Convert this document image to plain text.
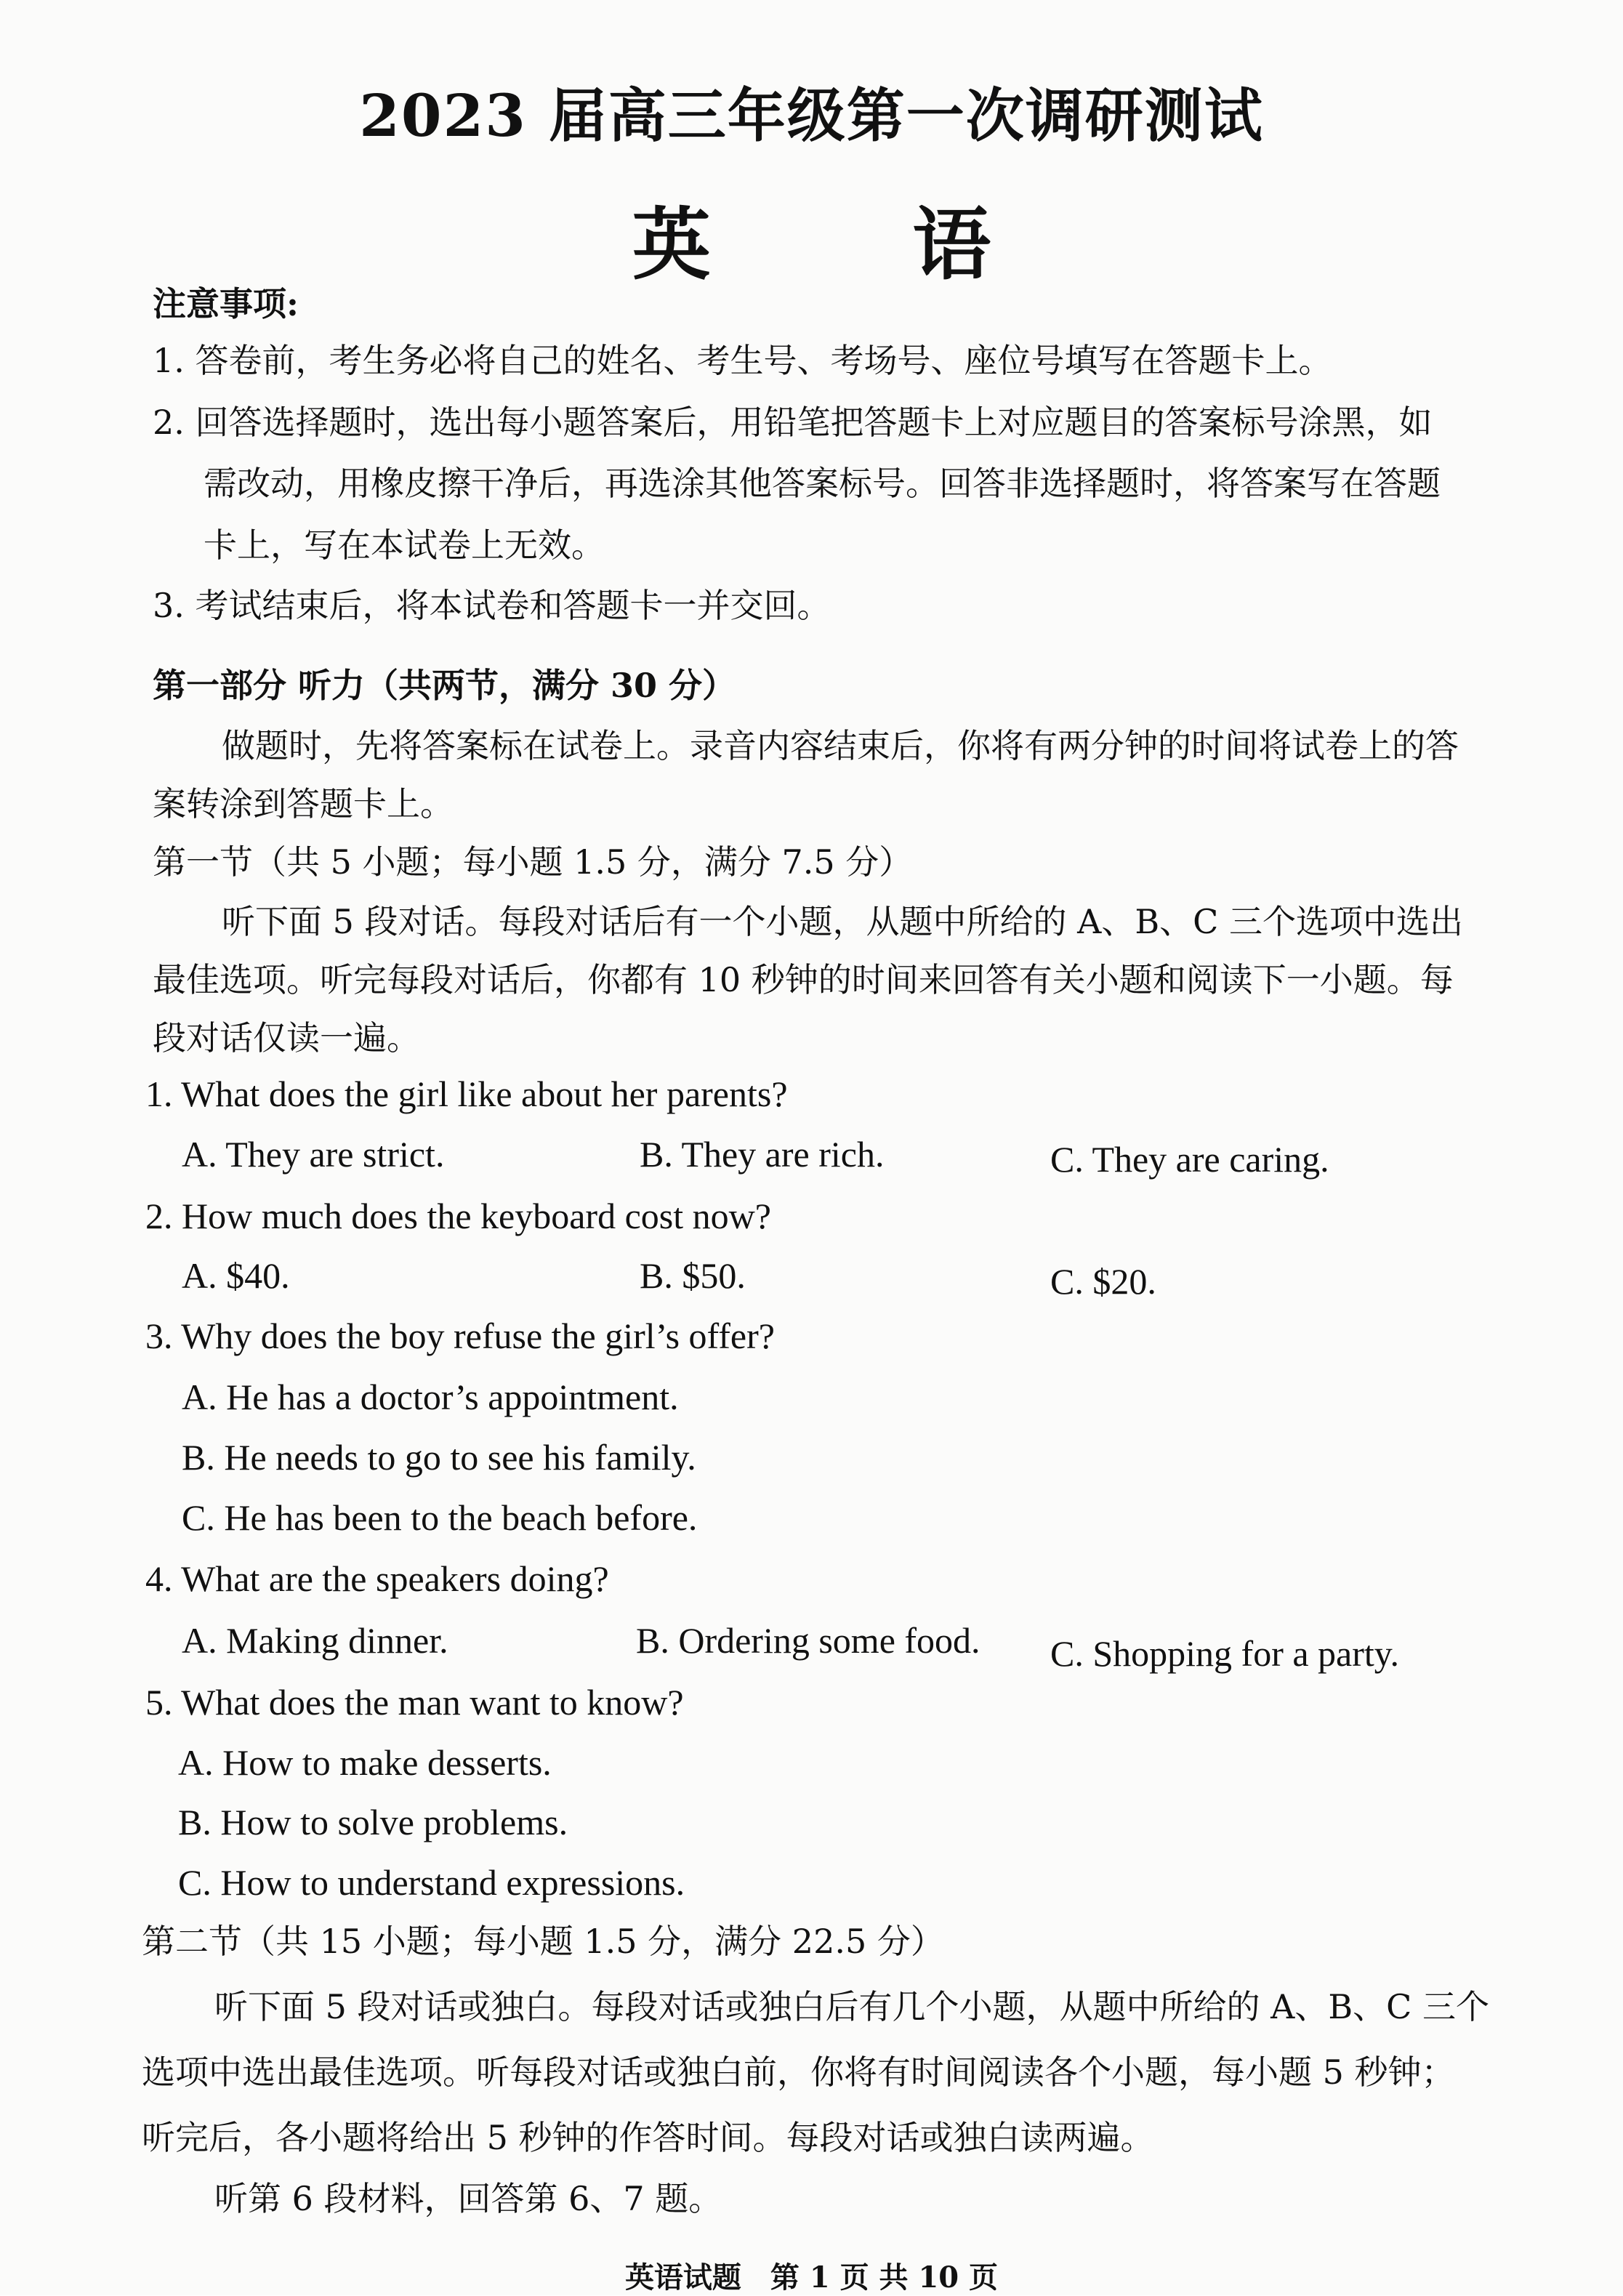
2023 届高三年级第一次调研测试
英 语
注意事项:
1. 答卷前，考生务必将自己的姓名、考生号、考场号、座位号填写在答题卡上。
2. 回答选择题时，选出每小题答案后，用铅笔把答题卡上对应题目的答案标号涂黑，如
需改动，用橡皮擦干净后，再选涂其他答案标号。回答非选择题时，将答案写在答题
卡上，写在本试卷上无效。
3. 考试结束后，将本试卷和答题卡一并交回。
第一部分 听力（共两节，满分 30 分）
做题时，先将答案标在试卷上。录音内容结束后，你将有两分钟的时间将试卷上的答
案转涂到答题卡上。
第一节（共 5 小题；每小题 1.5 分，满分 7.5 分）
听下面 5 段对话。每段对话后有一个小题，从题中所给的 A、B、C 三个选项中选出
最佳选项。听完每段对话后，你都有 10 秒钟的时间来回答有关小题和阅读下一小题。每
段对话仅读一遍。
1. What does the girl like about her parents?
A. They are strict.	B. They are rich.	C. They are caring.
2. How much does the keyboard cost now?
A. $40.	B. $50.	C. $20.
3. Why does the boy refuse the girl’s offer?
A. He has a doctor’s appointment.
B. He needs to go to see his family.
C. He has been to the beach before.
4. What are the speakers doing?
A. Making dinner.	B. Ordering some food. C. Shopping for a party.
5. What does the man want to know?
A. How to make desserts.
B. How to solve problems.
C. How to understand expressions.
第二节（共 15 小题；每小题 1.5 分，满分 22.5 分）
听下面 5 段对话或独白。每段对话或独白后有几个小题，从题中所给的 A、B、C 三个
选项中选出最佳选项。听每段对话或独白前，你将有时间阅读各个小题，每小题 5 秒钟；
听完后，各小题将给出 5 秒钟的作答时间。每段对话或独白读两遍。
听第 6 段材料，回答第 6、7 题。
英语试题　第 1 页 共 10 页
